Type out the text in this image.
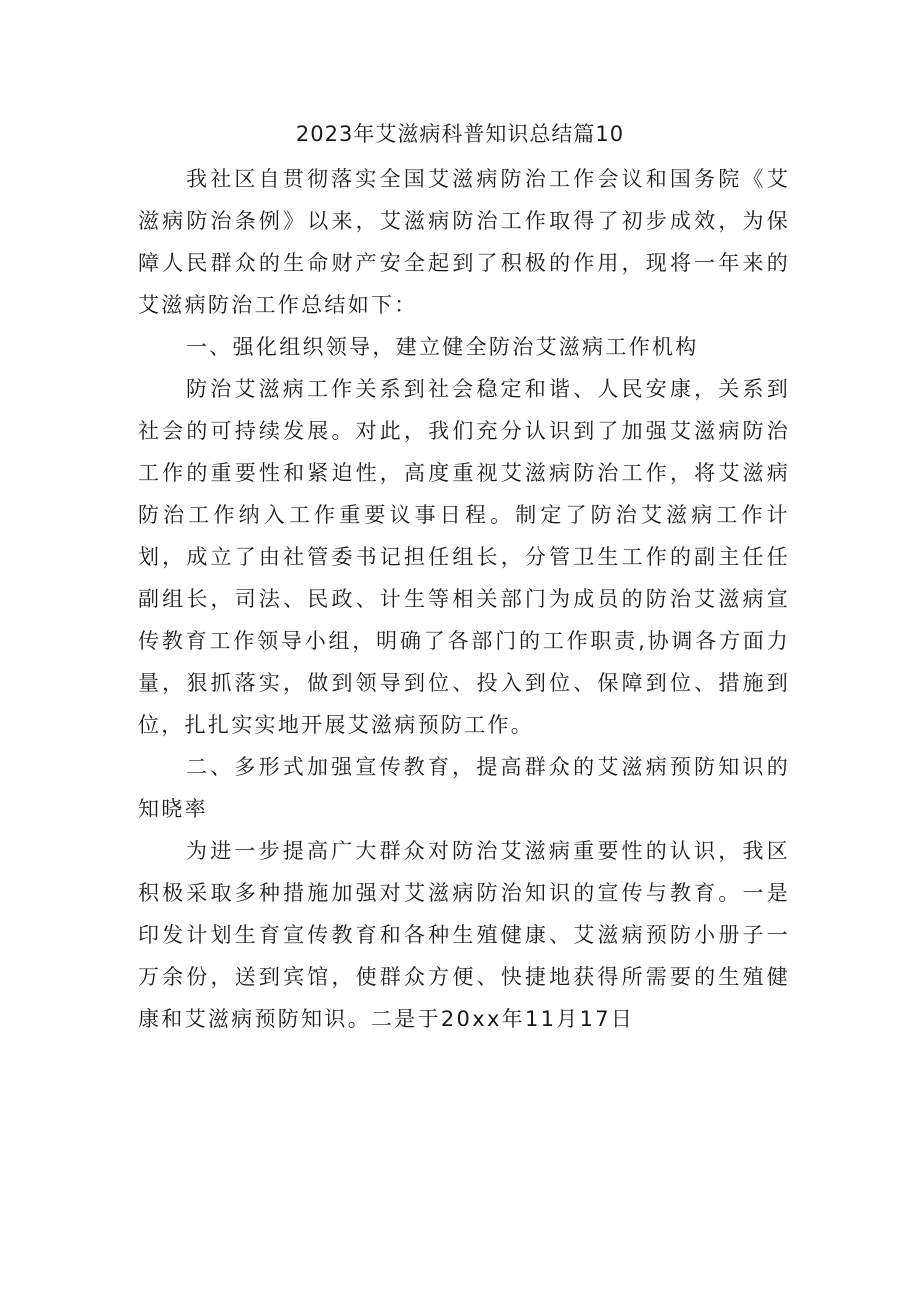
2023年艾滋病科普知识总结篇10

我社区自贯彻落实全国艾滋病防治工作会议和国务院《艾滋病防治条例》以来，艾滋病防治工作取得了初步成效，为保障人民群众的生命财产安全起到了积极的作用，现将一年来的艾滋病防治工作总结如下：

一、强化组织领导，建立健全防治艾滋病工作机构

防治艾滋病工作关系到社会稳定和谐、人民安康，关系到社会的可持续发展。对此，我们充分认识到了加强艾滋病防治工作的重要性和紧迫性，高度重视艾滋病防治工作，将艾滋病防治工作纳入工作重要议事日程。制定了防治艾滋病工作计划，成立了由社管委书记担任组长，分管卫生工作的副主任任副组长，司法、民政、计生等相关部门为成员的防治艾滋病宣传教育工作领导小组，明确了各部门的工作职责,协调各方面力量，狠抓落实，做到领导到位、投入到位、保障到位、措施到位，扎扎实实地开展艾滋病预防工作。

二、多形式加强宣传教育，提高群众的艾滋病预防知识的知晓率

为进一步提高广大群众对防治艾滋病重要性的认识，我区积极采取多种措施加强对艾滋病防治知识的宣传与教育。一是印发计划生育宣传教育和各种生殖健康、艾滋病预防小册子一万余份，送到宾馆，使群众方便、快捷地获得所需要的生殖健康和艾滋病预防知识。二是于20xx年11月17日
